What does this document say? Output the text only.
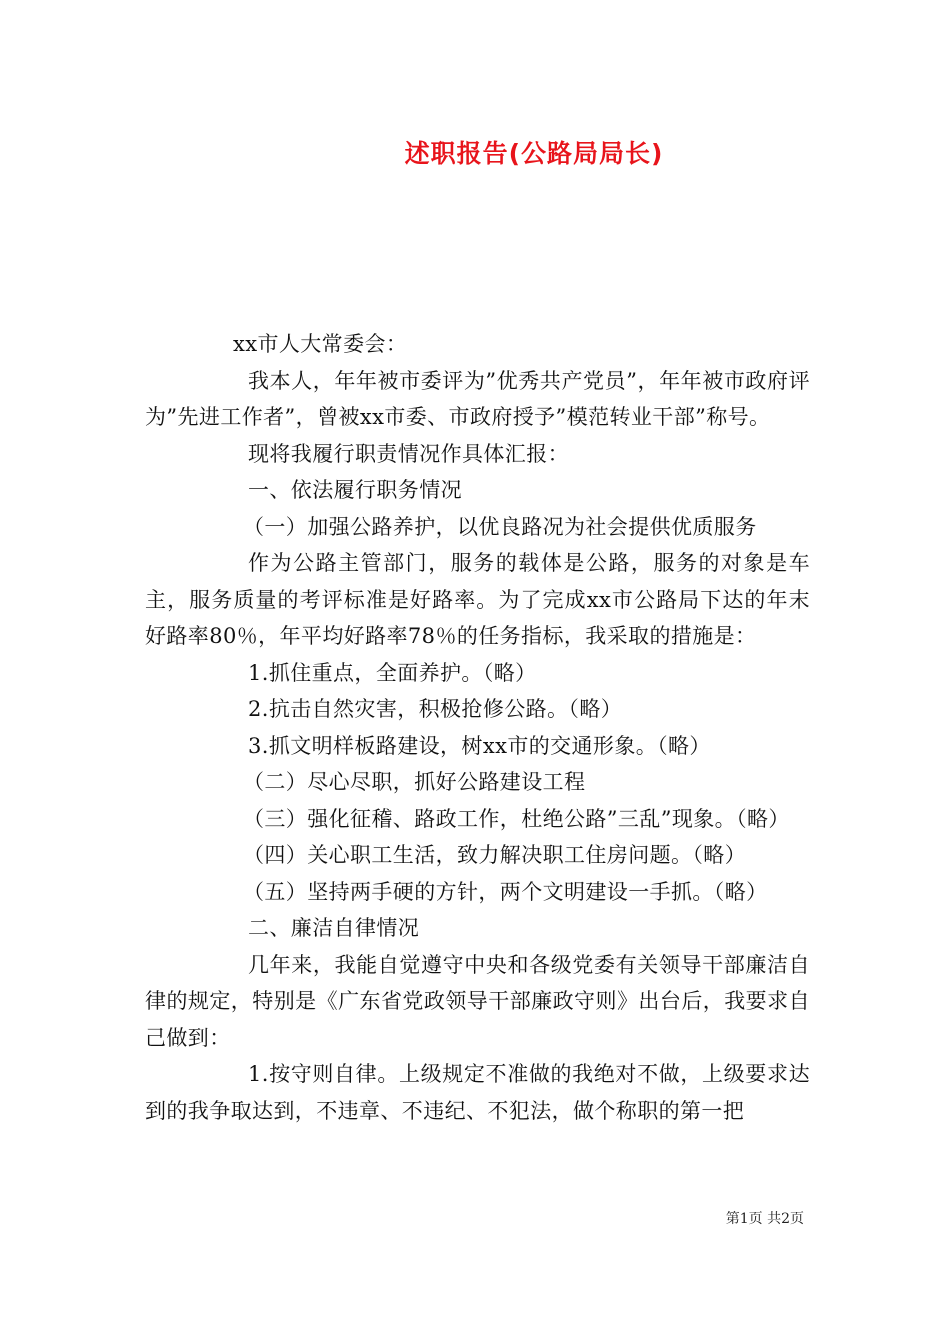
述职报告(公路局局长)

xx市人大常委会：

我本人，年年被市委评为”优秀共产党员”，年年被市政府评为”先进工作者”，曾被xx市委、市政府授予”模范转业干部”称号。

现将我履行职责情况作具体汇报：

一、依法履行职务情况

（一）加强公路养护，以优良路况为社会提供优质服务

作为公路主管部门，服务的载体是公路，服务的对象是车主，服务质量的考评标准是好路率。为了完成xx市公路局下达的年末好路率80％，年平均好路率78％的任务指标，我采取的措施是：

1.抓住重点，全面养护。（略）

2.抗击自然灾害，积极抢修公路。（略）

3.抓文明样板路建设，树xx市的交通形象。（略）

（二）尽心尽职，抓好公路建设工程

（三）强化征稽、路政工作，杜绝公路”三乱”现象。（略）

（四）关心职工生活，致力解决职工住房问题。（略）

（五）坚持两手硬的方针，两个文明建设一手抓。（略）

二、廉洁自律情况

几年来，我能自觉遵守中央和各级党委有关领导干部廉洁自律的规定，特别是《广东省党政领导干部廉政守则》出台后，我要求自己做到：

1.按守则自律。上级规定不准做的我绝对不做，上级要求达到的我争取达到，不违章、不违纪、不犯法，做个称职的第一把

第1页 共2页
